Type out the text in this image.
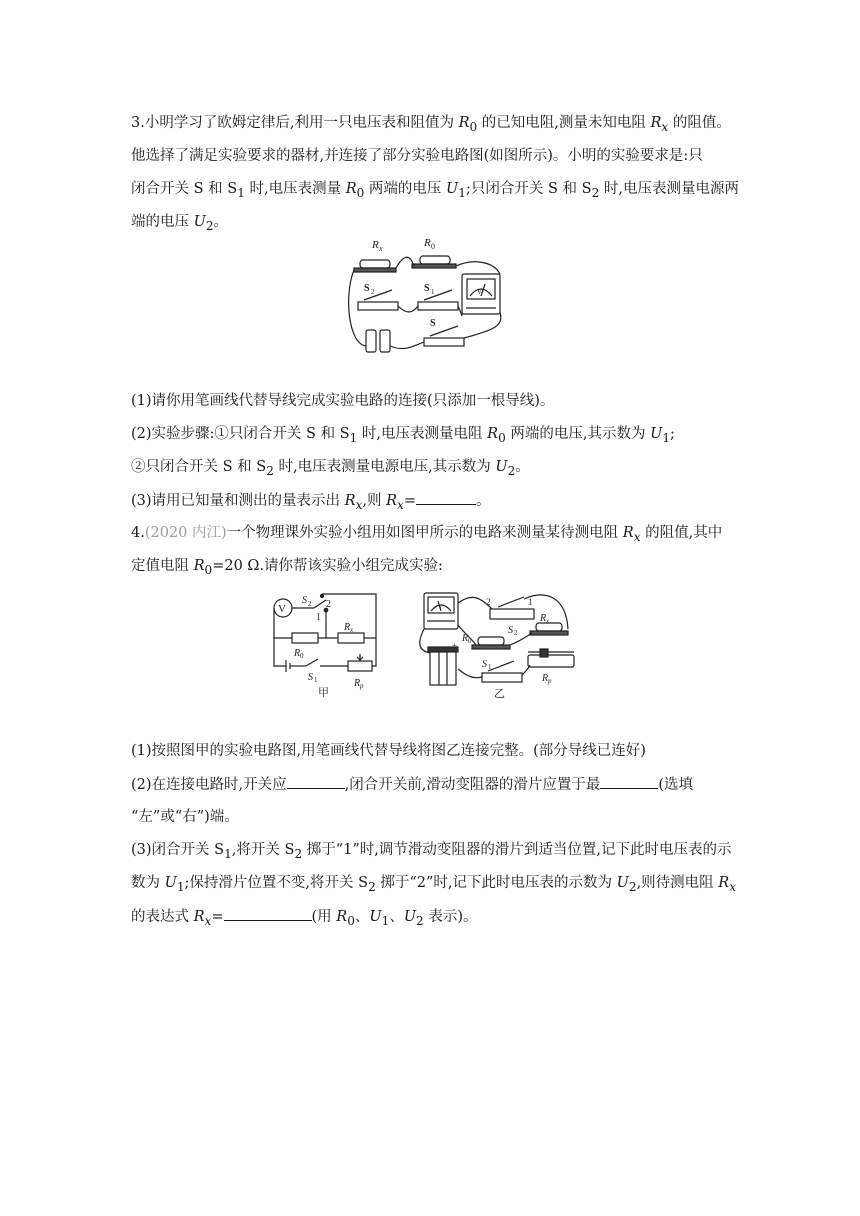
3.小明学习了欧姆定律后,利用一只电压表和阻值为 $R_0$ 的已知电阻,测量未知电阻 $R_x$ 的阻值。
他选择了满足实验要求的器材,并连接了部分实验电路图(如图所示)。小明的实验要求是:只
闭合开关 S 和 $S_1$ 时,电压表测量 $R_0$ 两端的电压 $U_1$;只闭合开关 S 和 $S_2$ 时,电压表测量电源两
端的电压 $U_2$。
R x	R 0
V
S 2	S 1
S
(1)请你用笔画线代替导线完成实验电路的连接(只添加一根导线)。
(2)实验步骤:①只闭合开关 S 和 $S_1$ 时,电压表测量电阻 $R_0$ 两端的电压,其示数为 $U_1$;
②只闭合开关 S 和 $S_2$ 时,电压表测量电源电压,其示数为 $U_2$。
(3)请用已知量和测出的量表示出 $R_x$,则 $R_x=$	。
4.(2020 内江)一个物理课外实验小组用如图甲所示的电路来测量某待测电阻 $R_x$ 的阻值,其中
定值电阻 $R_0=20$ Ω.请你帮该实验小组完成实验:
V
S 2 2
1
R 0
R x
S 1	R p
甲
V
2	1
S 2
R x
R 0
+
S 1
R p
乙
(1)按照图甲的实验电路图,用笔画线代替导线将图乙连接完整。(部分导线已连好)
(2)在连接电路时,开关应	,闭合开关前,滑动变阻器的滑片应置于最	(选填
“左”或“右”)端。
(3)闭合开关 $S_1$,将开关 $S_2$ 掷于“1”时,调节滑动变阻器的滑片到适当位置,记下此时电压表的示
数为 $U_1$;保持滑片位置不变,将开关 $S_2$ 掷于“2”时,记下此时电压表的示数为 $U_2$,则待测电阻 $R_x$
的表达式 $R_x=$	(用 $R_0$、$U_1$、$U_2$ 表示)。
